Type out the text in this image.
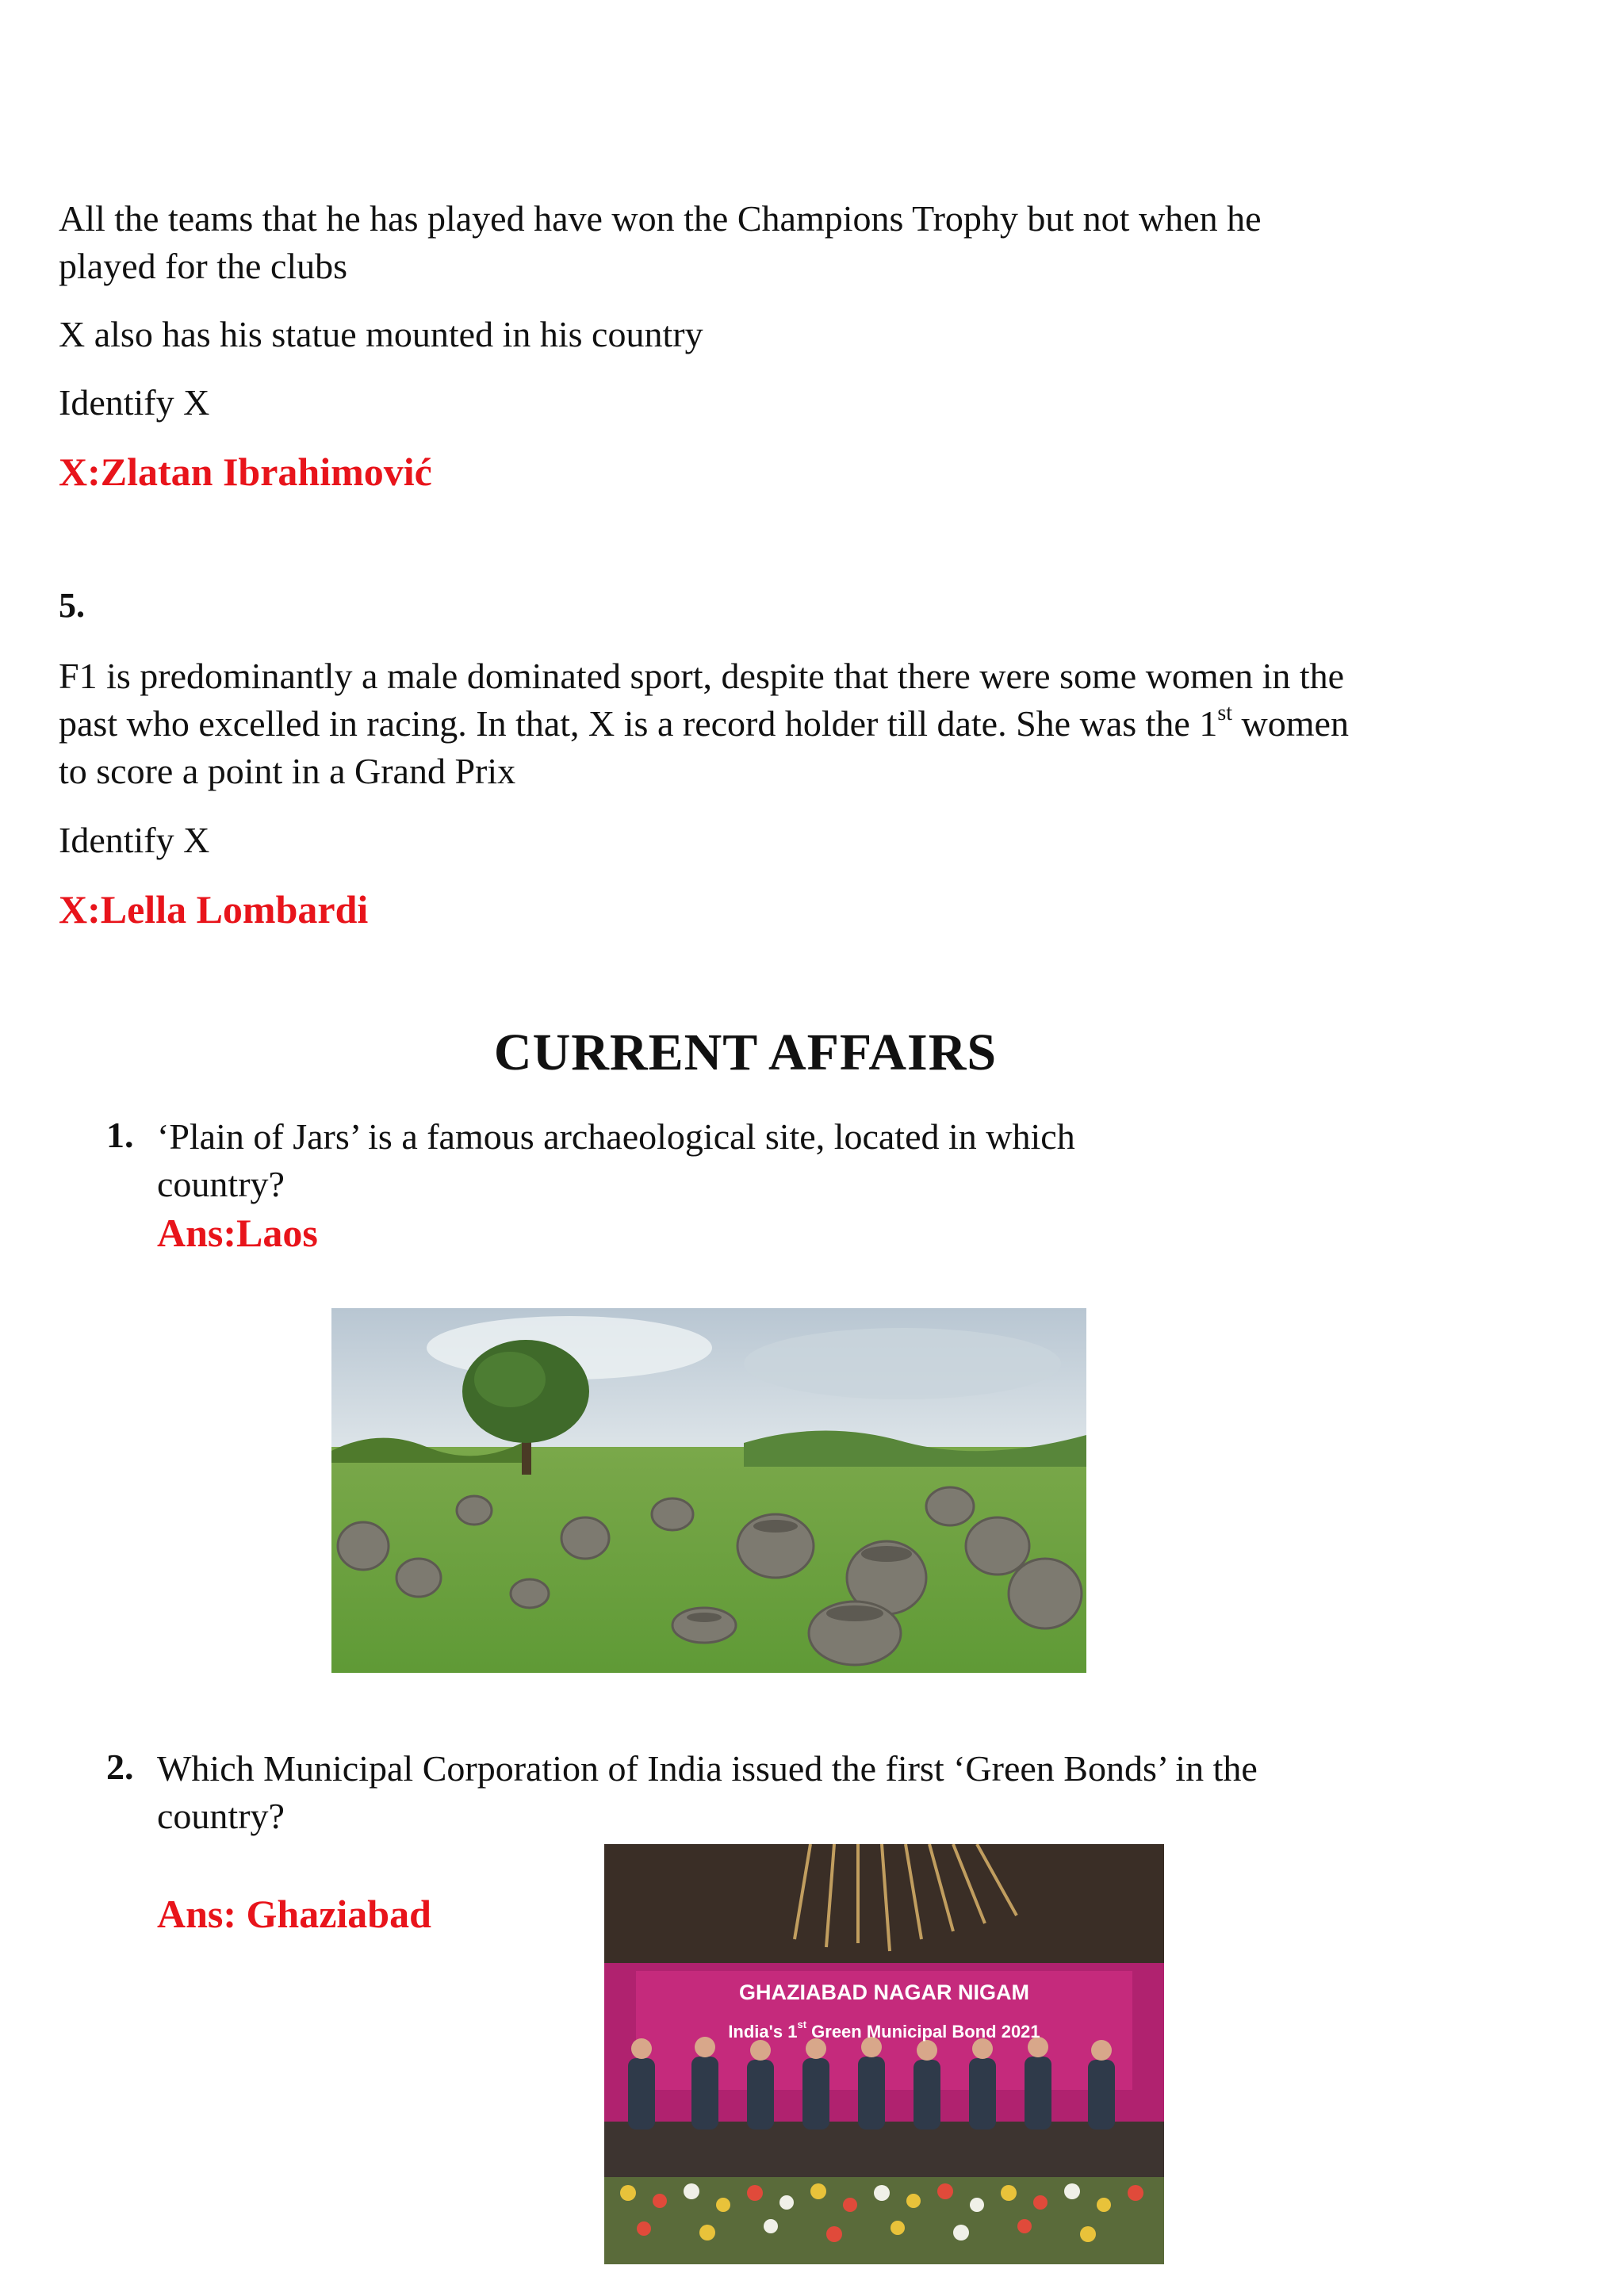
All the teams that he has played have won the Champions Trophy but not when he
played for the clubs
X also has his statue mounted in his country
Identify X
X:Zlatan Ibrahimović
5.
F1 is predominantly a male dominated sport, despite that there were some women in the
past who excelled in racing. In that, X is a record holder till date. She was the 1st women
to score a point in a Grand Prix
Identify X
X:Lella Lombardi
CURRENT AFFAIRS
1. ‘Plain of Jars’ is a famous archaeological site, located in which
country?
Ans:Laos
2. Which Municipal Corporation of India issued the first ‘Green Bonds’ in the
country?
Ans: Ghaziabad
GHAZIABAD NAGAR NIGAM
India's 1st Green Municipal Bond 2021
